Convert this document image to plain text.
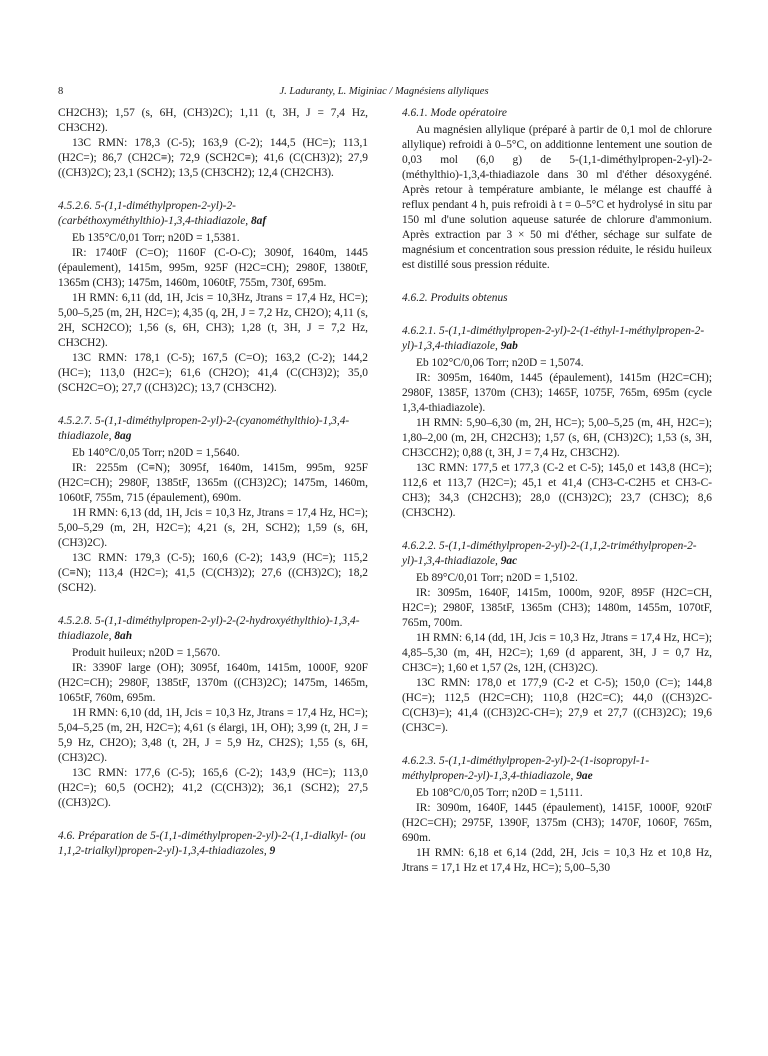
8	J. Laduranty, L. Miginiac / Magnésiens allyliques

CH2CH3); 1,57 (s, 6H, (CH3)2C); 1,11 (t, 3H, J = 7,4 Hz, CH3CH2).

13C RMN: 178,3 (C-5); 163,9 (C-2); 144,5 (HC=); 113,1 (H2C=); 86,7 (CH2C≡); 72,9 (SCH2C≡); 41,6 (C(CH3)2); 27,9 ((CH3)2C); 23,1 (SCH2); 13,5 (CH3CH2); 12,4 (CH2CH3).

4.5.2.6. 5-(1,1-diméthylpropen-2-yl)-2-(carbéthoxyméthylthio)-1,3,4-thiadiazole, 8af

Eb 135°C/0,01 Torr; n20D = 1,5381.

IR: 1740tF (C=O); 1160F (C-O-C); 3090f, 1640m, 1445 (épaulement), 1415m, 995m, 925F (H2C=CH); 2980F, 1380tF, 1365m (CH3); 1475m, 1460m, 1060tF, 755m, 730f, 695m.

1H RMN: 6,11 (dd, 1H, Jcis = 10,3Hz, Jtrans = 17,4 Hz, HC=); 5,00–5,25 (m, 2H, H2C=); 4,35 (q, 2H, J = 7,2 Hz, CH2O); 4,11 (s, 2H, SCH2CO); 1,56 (s, 6H, CH3); 1,28 (t, 3H, J = 7,2 Hz, CH3CH2).

13C RMN: 178,1 (C-5); 167,5 (C=O); 163,2 (C-2); 144,2 (HC=); 113,0 (H2C=); 61,6 (CH2O); 41,4 (C(CH3)2); 35,0 (SCH2C=O); 27,7 ((CH3)2C); 13,7 (CH3CH2).

4.5.2.7. 5-(1,1-diméthylpropen-2-yl)-2-(cyanométhylthio)-1,3,4-thiadiazole, 8ag

Eb 140°C/0,05 Torr; n20D = 1,5640.

IR: 2255m (C≡N); 3095f, 1640m, 1415m, 995m, 925F (H2C=CH); 2980F, 1385tF, 1365m ((CH3)2C); 1475m, 1460m, 1060tF, 755m, 715 (épaulement), 690m.

1H RMN: 6,13 (dd, 1H, Jcis = 10,3 Hz, Jtrans = 17,4 Hz, HC=); 5,00–5,29 (m, 2H, H2C=); 4,21 (s, 2H, SCH2); 1,59 (s, 6H, (CH3)2C).

13C RMN: 179,3 (C-5); 160,6 (C-2); 143,9 (HC=); 115,2 (C≡N); 113,4 (H2C=); 41,5 (C(CH3)2); 27,6 ((CH3)2C); 18,2 (SCH2).

4.5.2.8. 5-(1,1-diméthylpropen-2-yl)-2-(2-hydroxyéthylthio)-1,3,4-thiadiazole, 8ah

Produit huileux; n20D = 1,5670.

IR: 3390F large (OH); 3095f, 1640m, 1415m, 1000F, 920F (H2C=CH); 2980F, 1385tF, 1370m ((CH3)2C); 1475m, 1465m, 1065tF, 760m, 695m.

1H RMN: 6,10 (dd, 1H, Jcis = 10,3 Hz, Jtrans = 17,4 Hz, HC=); 5,04–5,25 (m, 2H, H2C=); 4,61 (s élargi, 1H, OH); 3,99 (t, 2H, J = 5,9 Hz, CH2O); 3,48 (t, 2H, J = 5,9 Hz, CH2S); 1,55 (s, 6H, (CH3)2C).

13C RMN: 177,6 (C-5); 165,6 (C-2); 143,9 (HC=); 113,0 (H2C=); 60,5 (OCH2); 41,2 (C(CH3)2); 36,1 (SCH2); 27,5 ((CH3)2C).

4.6. Préparation de 5-(1,1-diméthylpropen-2-yl)-2-(1,1-dialkyl- (ou 1,1,2-trialkyl)propen-2-yl)-1,3,4-thiadiazoles, 9

4.6.1. Mode opératoire

Au magnésien allylique (préparé à partir de 0,1 mol de chlorure allylique) refroidi à 0–5°C, on additionne lentement une soution de 0,03 mol (6,0 g) de 5-(1,1-diméthylpropen-2-yl)-2-(méthylthio)-1,3,4-thiadiazole dans 30 ml d'éther désoxygéné. Après retour à température ambiante, le mélange est chauffé à reflux pendant 4 h, puis refroidi à t = 0–5°C et hydrolysé in situ par 150 ml d'une solution aqueuse saturée de chlorure d'ammonium. Après extraction par 3 × 50 mi d'éther, séchage sur sulfate de magnésium et concentration sous pression réduite, le résidu huileux est distillé sous pression réduite.

4.6.2. Produits obtenus

4.6.2.1. 5-(1,1-diméthylpropen-2-yl)-2-(1-éthyl-1-méthylpropen-2-yl)-1,3,4-thiadiazole, 9ab

Eb 102°C/0,06 Torr; n20D = 1,5074.

IR: 3095m, 1640m, 1445 (épaulement), 1415m (H2C=CH); 2980F, 1385F, 1370m (CH3); 1465F, 1075F, 765m, 695m (cycle 1,3,4-thiadiazole).

1H RMN: 5,90–6,30 (m, 2H, HC=); 5,00–5,25 (m, 4H, H2C=); 1,80–2,00 (m, 2H, CH2CH3); 1,57 (s, 6H, (CH3)2C); 1,53 (s, 3H, CH3CCH2); 0,88 (t, 3H, J = 7,4 Hz, CH3CH2).

13C RMN: 177,5 et 177,3 (C-2 et C-5); 145,0 et 143,8 (HC=); 112,6 et 113,7 (H2C=); 45,1 et 41,4 (CH3-C-C2H5 et CH3-C-CH3); 34,3 (CH2CH3); 28,0 ((CH3)2C); 23,7 (CH3C); 8,6 (CH3CH2).

4.6.2.2. 5-(1,1-diméthylpropen-2-yl)-2-(1,1,2-triméthylpropen-2-yl)-1,3,4-thiadiazole, 9ac

Eb 89°C/0,01 Torr; n20D = 1,5102.

IR: 3095m, 1640F, 1415m, 1000m, 920F, 895F (H2C=CH, H2C=); 2980F, 1385tF, 1365m (CH3); 1480m, 1455m, 1070tF, 765m, 700m.

1H RMN: 6,14 (dd, 1H, Jcis = 10,3 Hz, Jtrans = 17,4 Hz, HC=); 4,85–5,30 (m, 4H, H2C=); 1,69 (d apparent, 3H, J = 0,7 Hz, CH3C=); 1,60 et 1,57 (2s, 12H, (CH3)2C).

13C RMN: 178,0 et 177,9 (C-2 et C-5); 150,0 (C=); 144,8 (HC=); 112,5 (H2C=CH); 110,8 (H2C=C); 44,0 ((CH3)2C-C(CH3)=); 41,4 ((CH3)2C-CH=); 27,9 et 27,7 ((CH3)2C); 19,6 (CH3C=).

4.6.2.3. 5-(1,1-diméthylpropen-2-yl)-2-(1-isopropyl-1-méthylpropen-2-yl)-1,3,4-thiadiazole, 9ae

Eb 108°C/0,05 Torr; n20D = 1,5111.

IR: 3090m, 1640F, 1445 (épaulement), 1415F, 1000F, 920tF (H2C=CH); 2975F, 1390F, 1375m (CH3); 1470F, 1060F, 765m, 690m.

1H RMN: 6,18 et 6,14 (2dd, 2H, Jcis = 10,3 Hz et 10,8 Hz, Jtrans = 17,1 Hz et 17,4 Hz, HC=); 5,00–5,30
